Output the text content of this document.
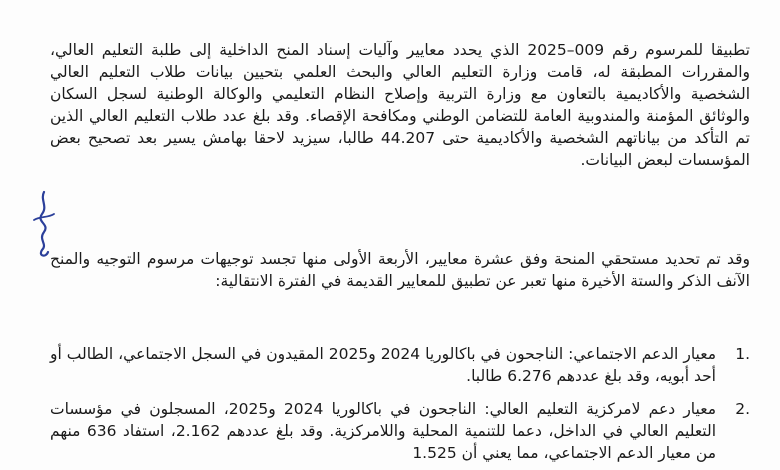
تطبيقا للمرسوم رقم 009–2025 الذي يحدد معايير وآليات إسناد المنح الداخلية إلى طلبة التعليم العالي، والمقررات المطبقة له، قامت وزارة التعليم العالي والبحث العلمي بتحيين بيانات طلاب التعليم العالي الشخصية والأكاديمية بالتعاون مع وزارة التربية وإصلاح النظام التعليمي والوكالة الوطنية لسجل السكان والوثائق المؤمنة والمندوبية العامة للتضامن الوطني ومكافحة الإقصاء. وقد بلغ عدد طلاب التعليم العالي الذين تم التأكد من بياناتهم الشخصية والأكاديمية حتى 44.207 طالبا، سيزيد لاحقا بهامش يسير بعد تصحيح بعض المؤسسات لبعض البيانات.
وقد تم تحديد مستحقي المنحة وفق عشرة معايير، الأربعة الأولى منها تجسد توجيهات مرسوم التوجيه والمنح الآنف الذكر والستة الأخيرة منها تعبر عن تطبيق للمعايير القديمة في الفترة الانتقالية:
1.
معيار الدعم الاجتماعي: الناجحون في باكالوريا 2024 و2025 المقيدون في السجل الاجتماعي، الطالب أو أحد أبويه، وقد بلغ عددهم 6.276 طالبا.
2.
معيار دعم لامركزية التعليم العالي: الناجحون في باكالوريا 2024 و2025، المسجلون في مؤسسات التعليم العالي في الداخل، دعما للتنمية المحلية واللامركزية. وقد بلغ عددهم 2.162، استفاد 636 منهم من معيار الدعم الاجتماعي، مما يعني أن 1.525
